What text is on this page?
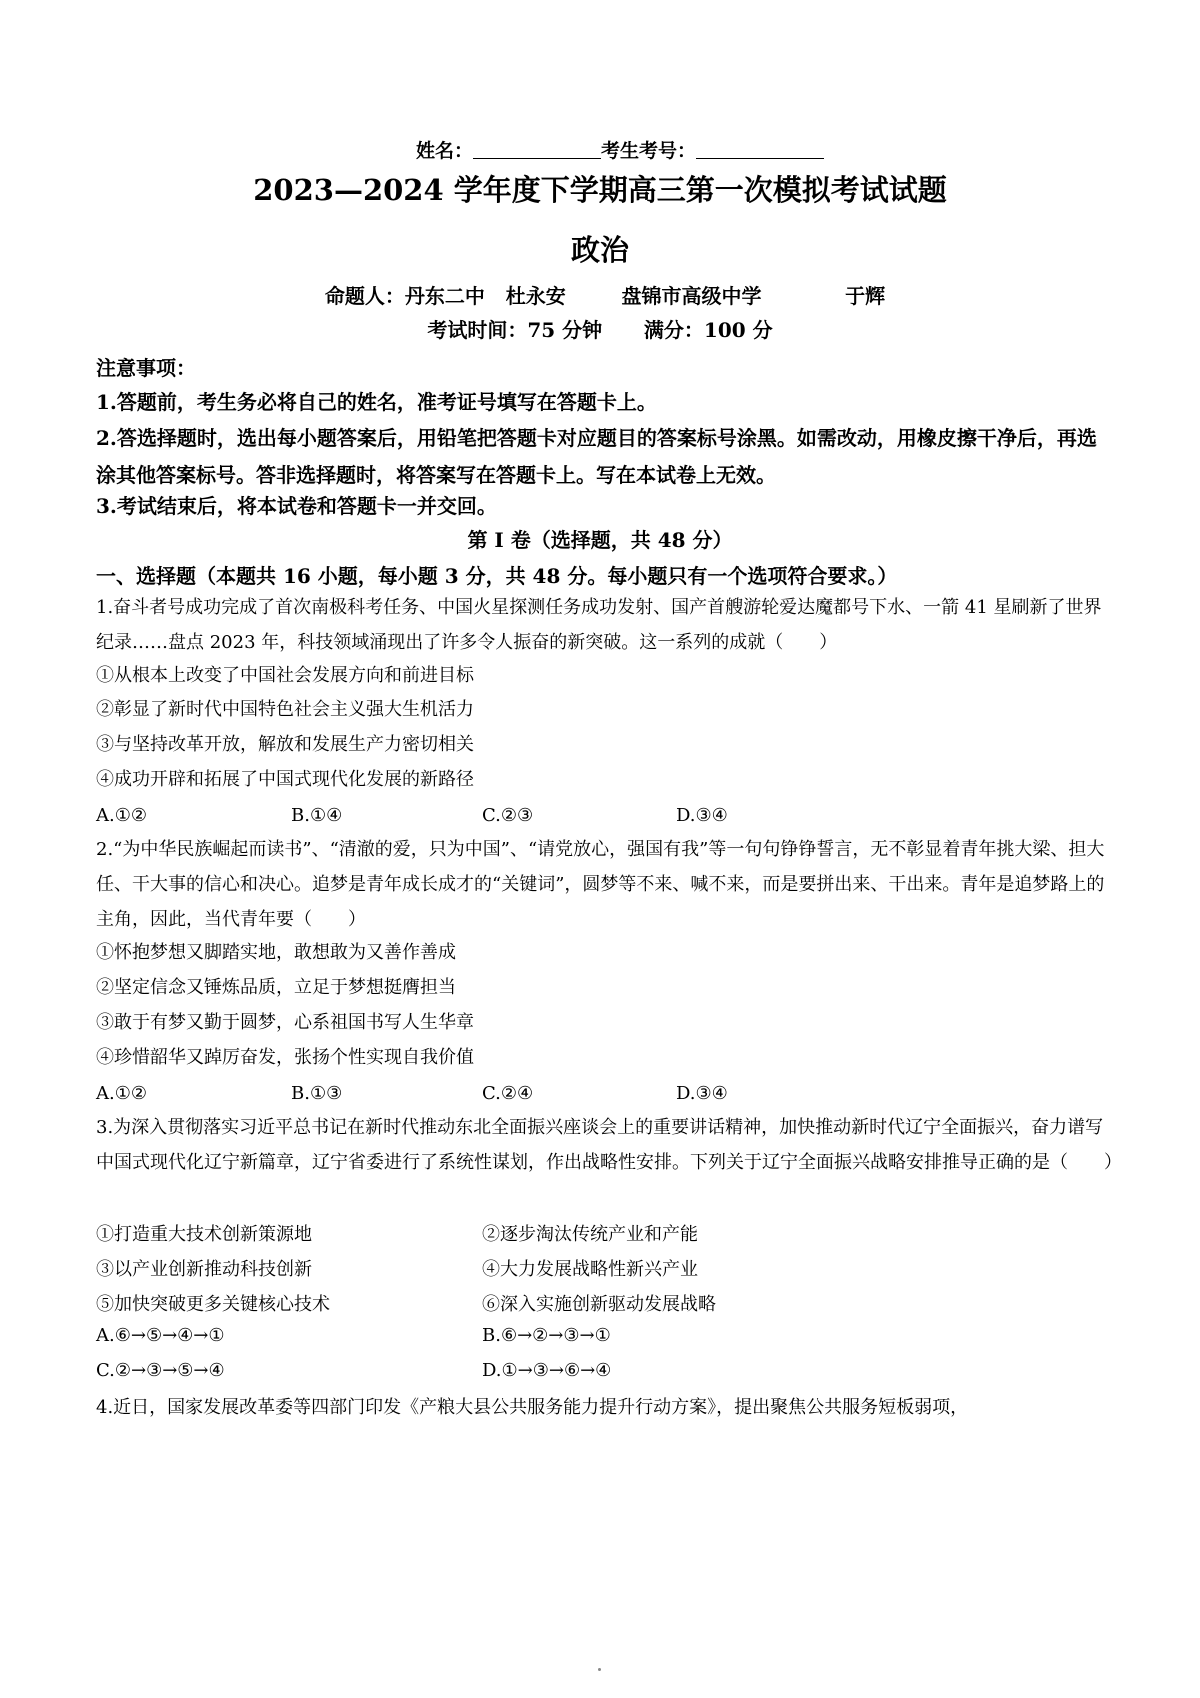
姓名：	考生考号：
2023—2024 学年度下学期高三第一次模拟考试试题
政治
命题人：丹东二中   杜永安        盘锦市高级中学            于辉
考试时间：75 分钟      满分：100 分
注意事项：
1.答题前，考生务必将自己的姓名，准考证号填写在答题卡上。
2.答选择题时，选出每小题答案后，用铅笔把答题卡对应题目的答案标号涂黑。如需改动，用橡皮擦干净后，再选涂其他答案标号。答非选择题时，将答案写在答题卡上。写在本试卷上无效。
3.考试结束后，将本试卷和答题卡一并交回。
第 I 卷（选择题，共 48 分）
一、选择题（本题共 16 小题，每小题 3 分，共 48 分。每小题只有一个选项符合要求。）
1.奋斗者号成功完成了首次南极科考任务、中国火星探测任务成功发射、国产首艘游轮爱达魔都号下水、一箭 41 星刷新了世界纪录……盘点 2023 年，科技领域涌现出了许多令人振奋的新突破。这一系列的成就（　　）
①从根本上改变了中国社会发展方向和前进目标
②彰显了新时代中国特色社会主义强大生机活力
③与坚持改革开放，解放和发展生产力密切相关
④成功开辟和拓展了中国式现代化发展的新路径
A.①②	B.①④	C.②③	D.③④
2.“为中华民族崛起而读书”、“清澈的爱，只为中国”、“请党放心，强国有我”等一句句铮铮誓言，无不彰显着青年挑大梁、担大任、干大事的信心和决心。追梦是青年成长成才的“关键词”，圆梦等不来、喊不来，而是要拼出来、干出来。青年是追梦路上的主角，因此，当代青年要（　　）
①怀抱梦想又脚踏实地，敢想敢为又善作善成
②坚定信念又锤炼品质，立足于梦想挺膺担当
③敢于有梦又勤于圆梦，心系祖国书写人生华章
④珍惜韶华又踔厉奋发，张扬个性实现自我价值
A.①②	B.①③	C.②④	D.③④
3.为深入贯彻落实习近平总书记在新时代推动东北全面振兴座谈会上的重要讲话精神，加快推动新时代辽宁全面振兴，奋力谱写中国式现代化辽宁新篇章，辽宁省委进行了系统性谋划，作出战略性安排。下列关于辽宁全面振兴战略安排推导正确的是（　　）
①打造重大技术创新策源地	②逐步淘汰传统产业和产能
③以产业创新推动科技创新	④大力发展战略性新兴产业
⑤加快突破更多关键核心技术	⑥深入实施创新驱动发展战略
A.⑥→⑤→④→①	B.⑥→②→③→①
C.②→③→⑤→④	D.①→③→⑥→④
4.近日，国家发展改革委等四部门印发《产粮大县公共服务能力提升行动方案》，提出聚焦公共服务短板弱项，
